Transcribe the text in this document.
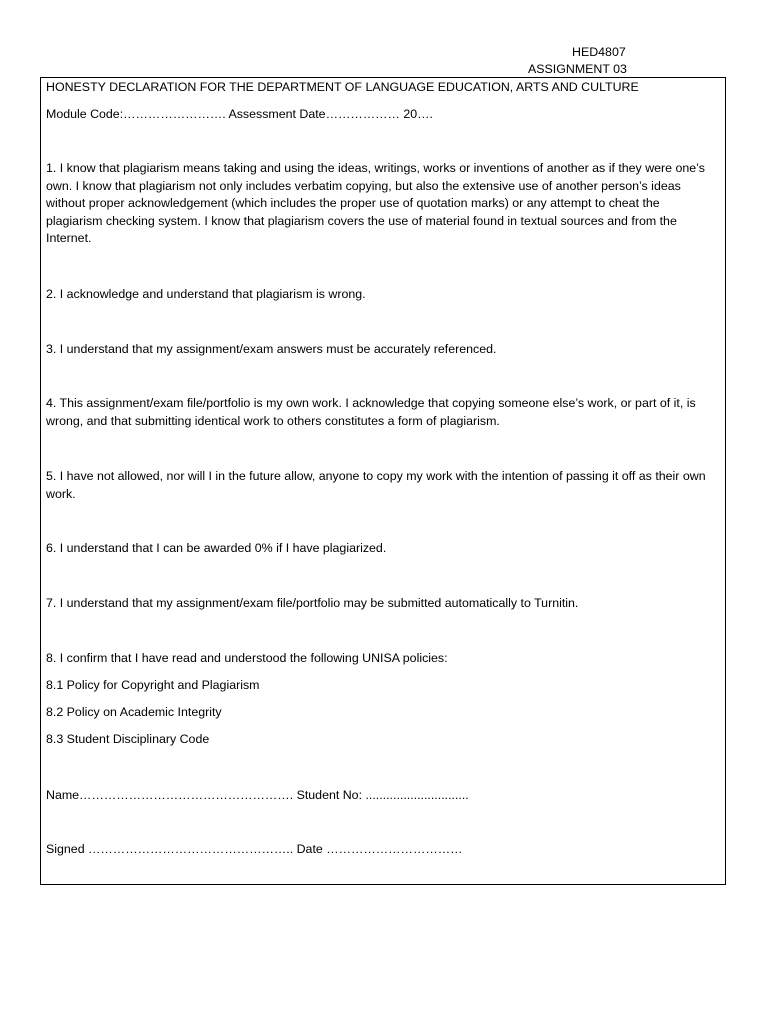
HED4807
ASSIGNMENT 03
HONESTY DECLARATION FOR THE DEPARTMENT OF LANGUAGE EDUCATION, ARTS AND CULTURE
Module Code:……………………. Assessment Date……………… 20….
1. I know that plagiarism means taking and using the ideas, writings, works or inventions of another as if they were one’s own. I know that plagiarism not only includes verbatim copying, but also the extensive use of another person’s ideas without proper acknowledgement (which includes the proper use of quotation marks) or any attempt to cheat the plagiarism checking system. I know that plagiarism covers the use of material found in textual sources and from the Internet.
2. I acknowledge and understand that plagiarism is wrong.
3. I understand that my assignment/exam answers must be accurately referenced.
4. This assignment/exam file/portfolio is my own work. I acknowledge that copying someone else’s work, or part of it, is wrong, and that submitting identical work to others constitutes a form of plagiarism.
5. I have not allowed, nor will I in the future allow, anyone to copy my work with the intention of passing it off as their own work.
6. I understand that I can be awarded 0% if I have plagiarized.
7. I understand that my assignment/exam file/portfolio may be submitted automatically to Turnitin.
8. I confirm that I have read and understood the following UNISA policies:
8.1 Policy for Copyright and Plagiarism
8.2 Policy on Academic Integrity
8.3 Student Disciplinary Code
Name……………………………………………. Student No: ..............................
Signed ………………………………………….. Date ……………………………
